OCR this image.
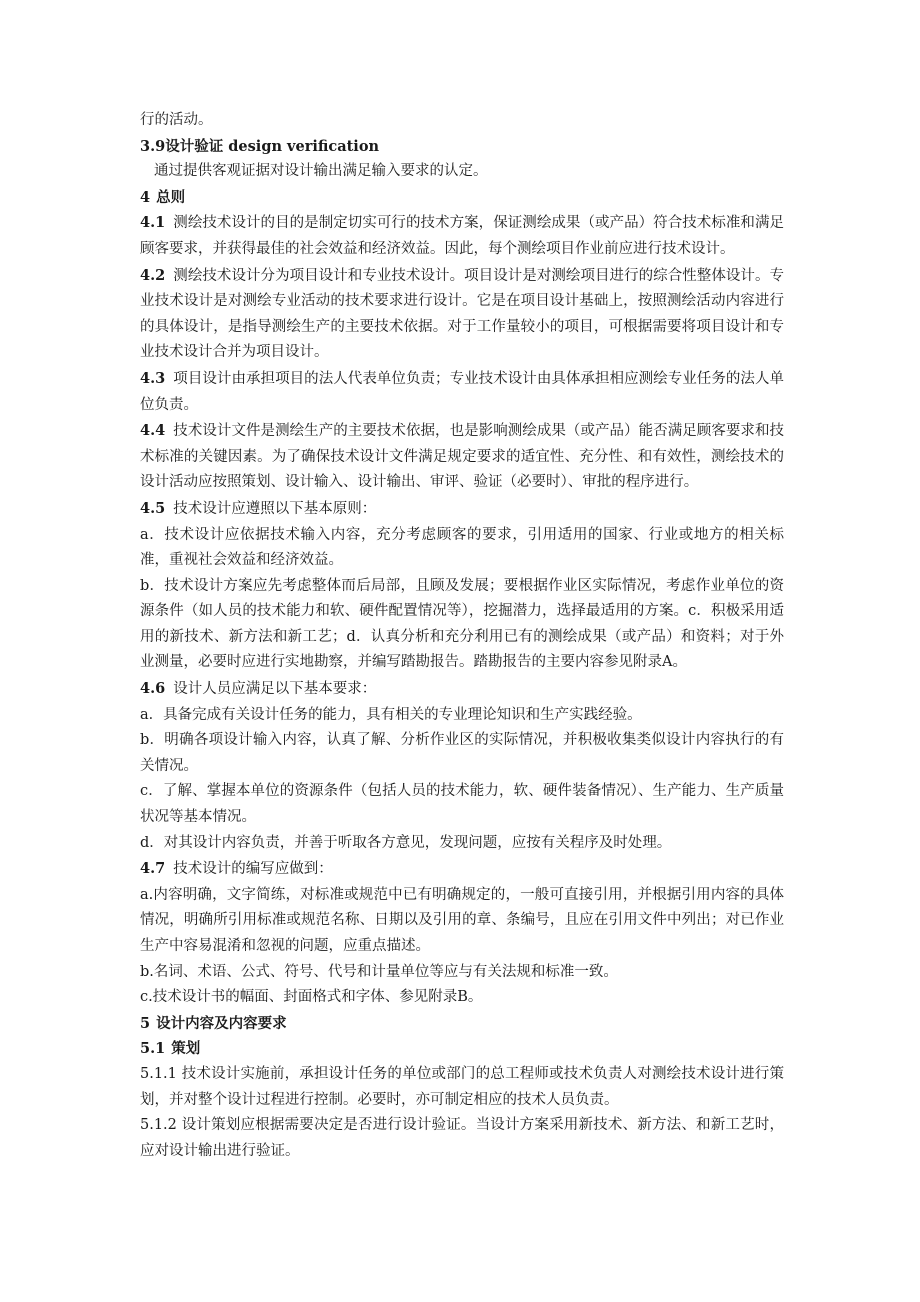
行的活动。

3.9设计验证 design verification

通过提供客观证据对设计输出满足输入要求的认定。

4 总则

4.1 测绘技术设计的目的是制定切实可行的技术方案，保证测绘成果（或产品）符合技术标准和满足顾客要求，并获得最佳的社会效益和经济效益。因此，每个测绘项目作业前应进行技术设计。

4.2 测绘技术设计分为项目设计和专业技术设计。项目设计是对测绘项目进行的综合性整体设计。专业技术设计是对测绘专业活动的技术要求进行设计。它是在项目设计基础上，按照测绘活动内容进行的具体设计，是指导测绘生产的主要技术依据。对于工作量较小的项目，可根据需要将项目设计和专业技术设计合并为项目设计。

4.3 项目设计由承担项目的法人代表单位负责；专业技术设计由具体承担相应测绘专业任务的法人单位负责。

4.4 技术设计文件是测绘生产的主要技术依据，也是影响测绘成果（或产品）能否满足顾客要求和技术标准的关键因素。为了确保技术设计文件满足规定要求的适宜性、充分性、和有效性，测绘技术的设计活动应按照策划、设计输入、设计输出、审评、验证（必要时）、审批的程序进行。

4.5 技术设计应遵照以下基本原则：

a．技术设计应依据技术输入内容，充分考虑顾客的要求，引用适用的国家、行业或地方的相关标准，重视社会效益和经济效益。

b．技术设计方案应先考虑整体而后局部，且顾及发展；要根据作业区实际情况，考虑作业单位的资源条件（如人员的技术能力和软、硬件配置情况等），挖掘潜力，选择最适用的方案。c．积极采用适用的新技术、新方法和新工艺；d．认真分析和充分利用已有的测绘成果（或产品）和资料；对于外业测量，必要时应进行实地勘察，并编写踏勘报告。踏勘报告的主要内容参见附录A。

4.6 设计人员应满足以下基本要求：

a．具备完成有关设计任务的能力，具有相关的专业理论知识和生产实践经验。

b．明确各项设计输入内容，认真了解、分析作业区的实际情况，并积极收集类似设计内容执行的有关情况。

c．了解、掌握本单位的资源条件（包括人员的技术能力，软、硬件装备情况）、生产能力、生产质量状况等基本情况。

d．对其设计内容负责，并善于听取各方意见，发现问题，应按有关程序及时处理。

4.7 技术设计的编写应做到：

a.内容明确，文字简练，对标准或规范中已有明确规定的，一般可直接引用，并根据引用内容的具体情况，明确所引用标准或规范名称、日期以及引用的章、条编号，且应在引用文件中列出；对已作业生产中容易混淆和忽视的问题，应重点描述。

b.名词、术语、公式、符号、代号和计量单位等应与有关法规和标准一致。

c.技术设计书的幅面、封面格式和字体、参见附录B。

5 设计内容及内容要求

5.1 策划

5.1.1 技术设计实施前，承担设计任务的单位或部门的总工程师或技术负责人对测绘技术设计进行策划，并对整个设计过程进行控制。必要时，亦可制定相应的技术人员负责。

5.1.2 设计策划应根据需要决定是否进行设计验证。当设计方案采用新技术、新方法、和新工艺时，应对设计输出进行验证。
